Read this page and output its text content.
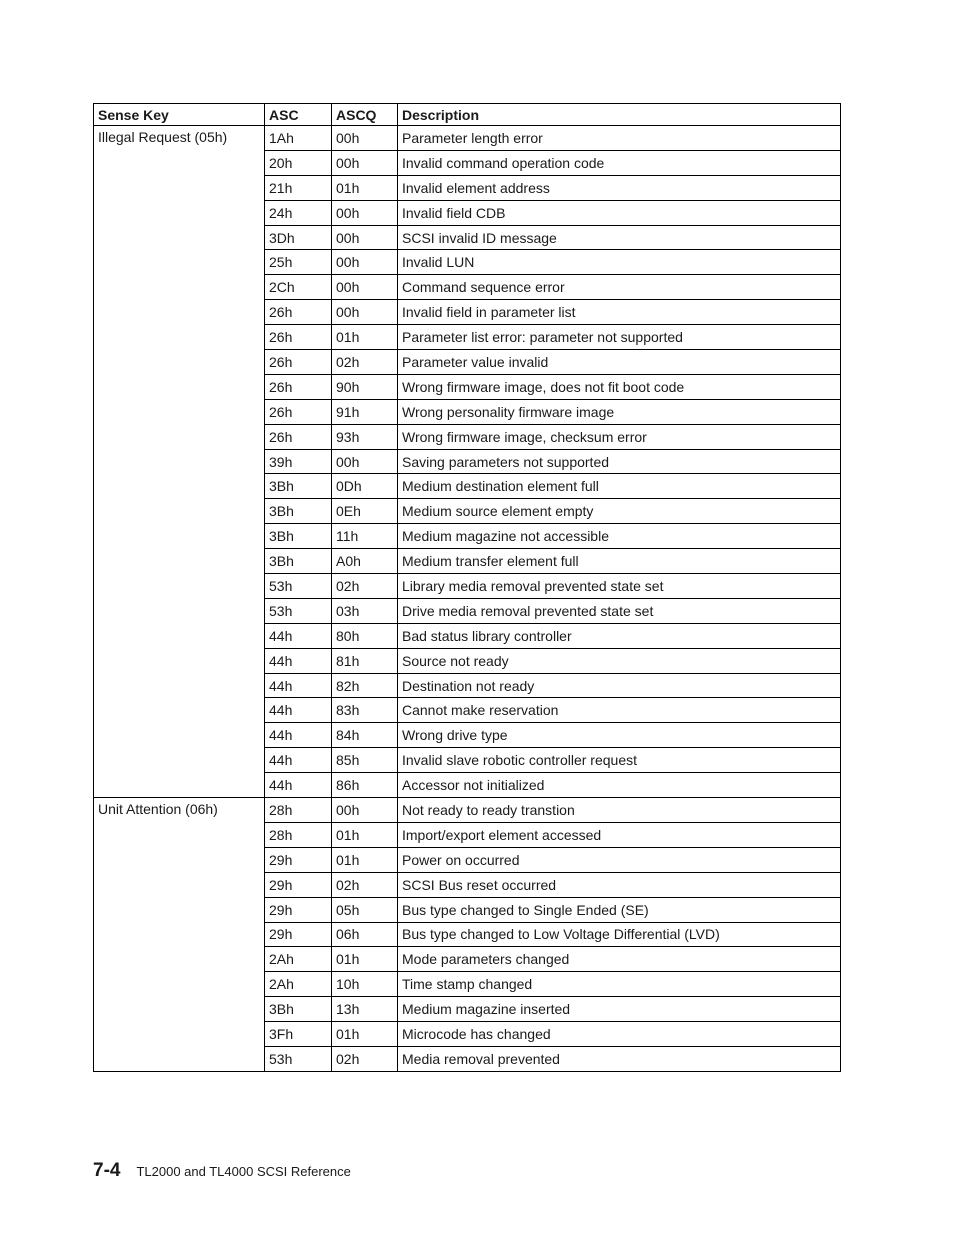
Sense Key	ASC	ASCQ	Description
Illegal Request (05h)	1Ah	00h	Parameter length error
	20h	00h	Invalid command operation code
	21h	01h	Invalid element address
	24h	00h	Invalid field CDB
	3Dh	00h	SCSI invalid ID message
	25h	00h	Invalid LUN
	2Ch	00h	Command sequence error
	26h	00h	Invalid field in parameter list
	26h	01h	Parameter list error: parameter not supported
	26h	02h	Parameter value invalid
	26h	90h	Wrong firmware image, does not fit boot code
	26h	91h	Wrong personality firmware image
	26h	93h	Wrong firmware image, checksum error
	39h	00h	Saving parameters not supported
	3Bh	0Dh	Medium destination element full
	3Bh	0Eh	Medium source element empty
	3Bh	11h	Medium magazine not accessible
	3Bh	A0h	Medium transfer element full
	53h	02h	Library media removal prevented state set
	53h	03h	Drive media removal prevented state set
	44h	80h	Bad status library controller
	44h	81h	Source not ready
	44h	82h	Destination not ready
	44h	83h	Cannot make reservation
	44h	84h	Wrong drive type
	44h	85h	Invalid slave robotic controller request
	44h	86h	Accessor not initialized
Unit Attention (06h)	28h	00h	Not ready to ready transtion
	28h	01h	Import/export element accessed
	29h	01h	Power on occurred
	29h	02h	SCSI Bus reset occurred
	29h	05h	Bus type changed to Single Ended (SE)
	29h	06h	Bus type changed to Low Voltage Differential (LVD)
	2Ah	01h	Mode parameters changed
	2Ah	10h	Time stamp changed
	3Bh	13h	Medium magazine inserted
	3Fh	01h	Microcode has changed
	53h	02h	Media removal prevented
7-4 TL2000 and TL4000 SCSI Reference
